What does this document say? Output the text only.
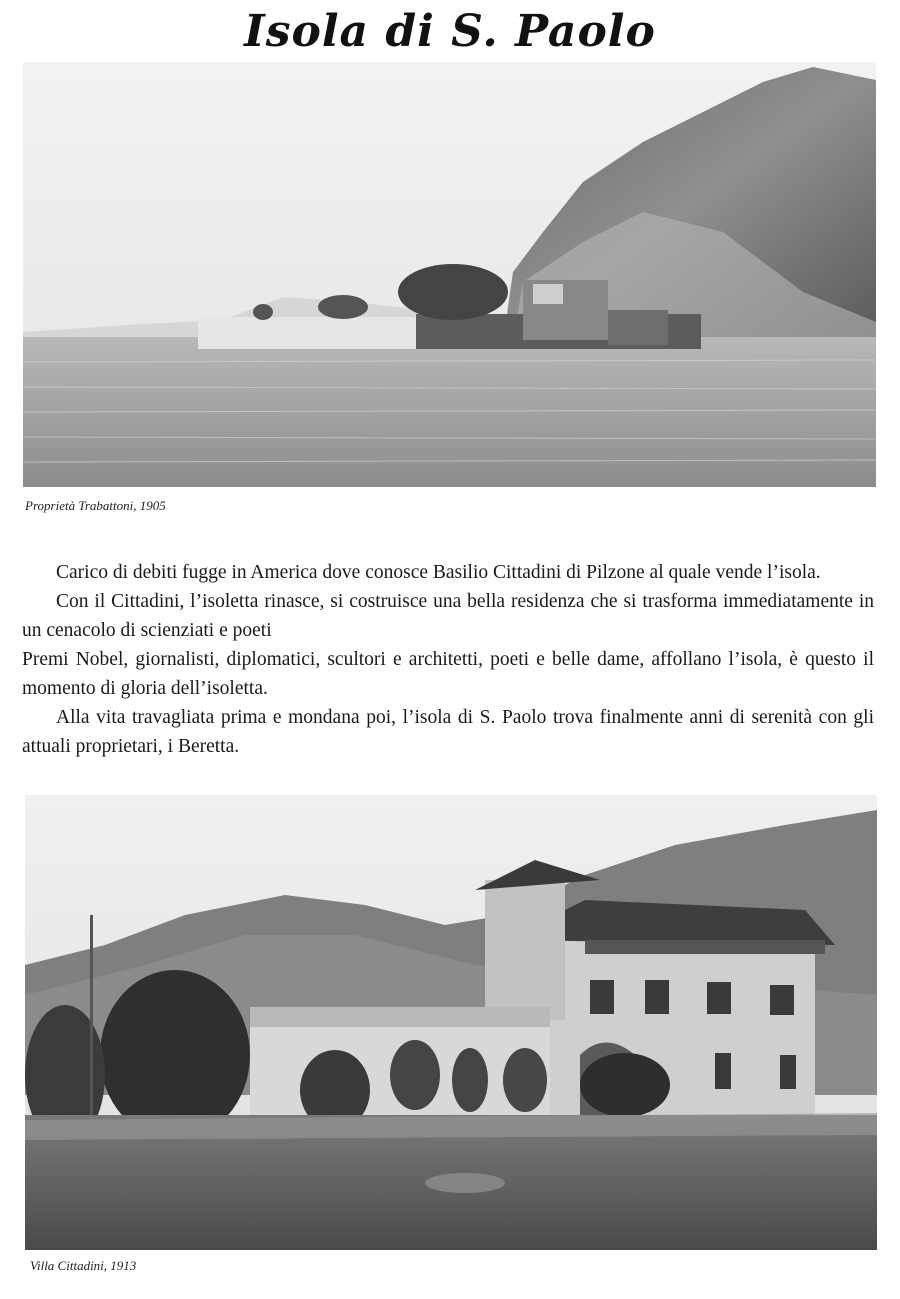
Isola di S. Paolo
Proprietà Trabattoni, 1905

Carico di debiti fugge in America dove conosce Basilio Cittadini di Pilzone al quale vende l’isola.

Con il Cittadini, l’isoletta rinasce, si costruisce una bella residenza che si trasforma immediatamente in un cenacolo di scienziati e poeti

Premi Nobel, giornalisti, diplomatici, scultori e architetti, poeti e belle dame, affollano l’isola, è questo il momento di gloria dell’isoletta.

Alla vita travagliata prima e mondana poi, l’isola di S. Paolo trova finalmente anni di serenità con gli attuali proprietari, i Beretta.

Villa Cittadini, 1913
